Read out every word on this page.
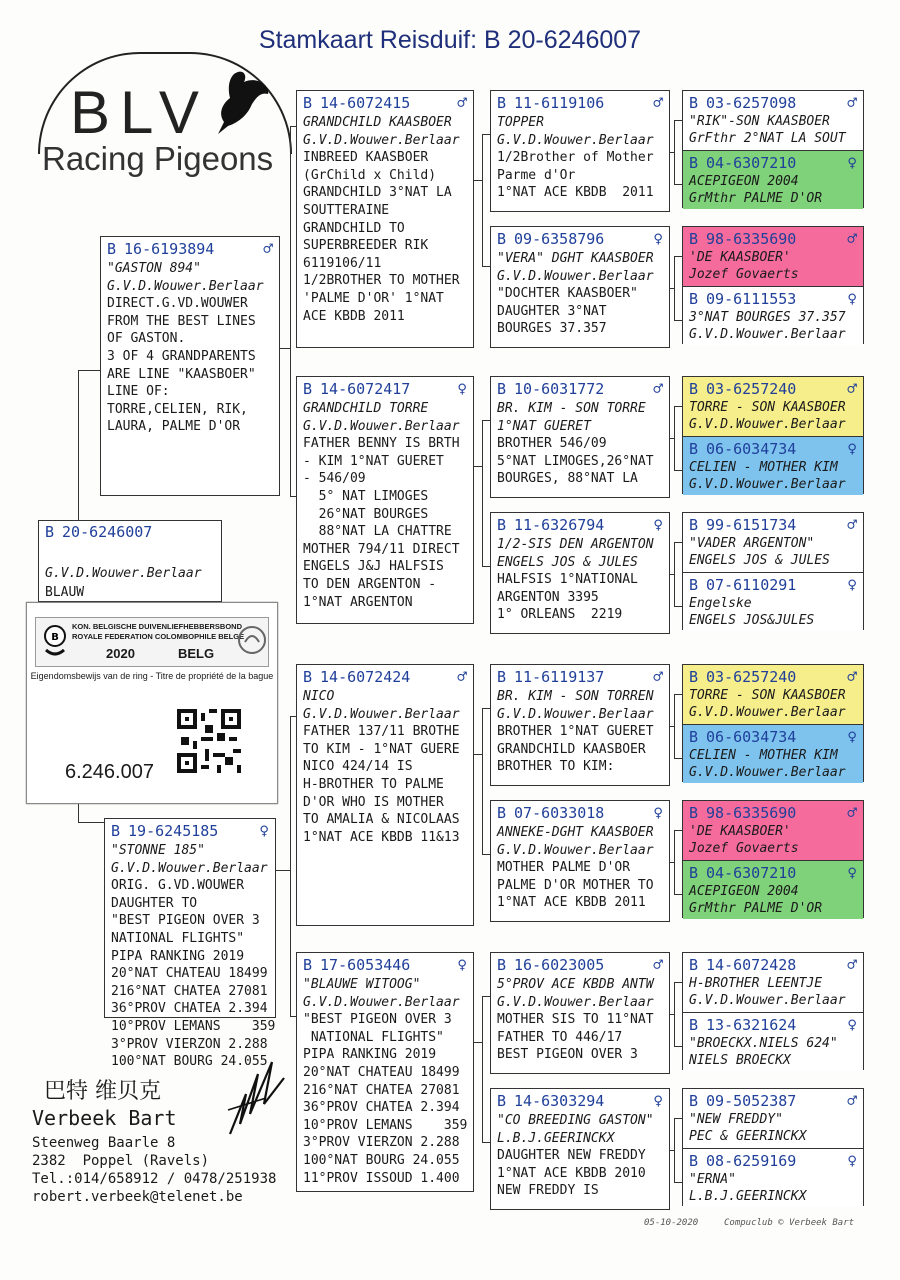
Stamkaart Reisduif: B 20-6246007
BLV
Racing Pigeons
B 16-6193894	♂
"GASTON 894"
G.V.D.Wouwer.Berlaar
DIRECT.G.VD.WOUWER
FROM THE BEST LINES
OF GASTON.
3 OF 4 GRANDPARENTS
ARE LINE "KAASBOER"
LINE OF:
TORRE,CELIEN, RIK,
LAURA, PALME D'OR
B 19-6245185	♀
"STONNE 185"
G.V.D.Wouwer.Berlaar
ORIG. G.VD.WOUWER
DAUGHTER TO
"BEST PIGEON OVER 3
NATIONAL FLIGHTS"
PIPA RANKING 2019
20°NAT CHATEAU 18499
216°NAT CHATEA 27081
36°PROV CHATEA 2.394
10°PROV LEMANS    359
3°PROV VIERZON 2.288
100°NAT BOURG 24.055
B 14-6072415	♂
GRANDCHILD KAASBOER
G.V.D.Wouwer.Berlaar
INBREED KAASBOER
(GrChild x Child)
GRANDCHILD 3°NAT LA
SOUTTERAINE
GRANDCHILD TO
SUPERBREEDER RIK
6119106/11
1/2BROTHER TO MOTHER
'PALME D'OR' 1°NAT
ACE KBDB 2011
B 14-6072417	♀
GRANDCHILD TORRE
G.V.D.Wouwer.Berlaar
FATHER BENNY IS BRTH
- KIM 1°NAT GUERET
- 546/09
5° NAT LIMOGES
26°NAT BOURGES
88°NAT LA CHATTRE
MOTHER 794/11 DIRECT
ENGELS J&J HALFSIS
TO DEN ARGENTON -
1°NAT ARGENTON
B 14-6072424	♂
NICO
G.V.D.Wouwer.Berlaar
FATHER 137/11 BROTHE
TO KIM - 1°NAT GUERE
NICO 424/14 IS
H-BROTHER TO PALME
D'OR WHO IS MOTHER
TO AMALIA & NICOLAAS
1°NAT ACE KBDB 11&13
B 17-6053446	♀
"BLAUWE WITOOG"
G.V.D.Wouwer.Berlaar
"BEST PIGEON OVER 3
NATIONAL FLIGHTS"
PIPA RANKING 2019
20°NAT CHATEAU 18499
216°NAT CHATEA 27081
36°PROV CHATEA 2.394
10°PROV LEMANS    359
3°PROV VIERZON 2.288
100°NAT BOURG 24.055
11°PROV ISSOUD 1.400
B 11-6119106	♂
TOPPER
G.V.D.Wouwer.Berlaar
1/2Brother of Mother
Parme d'Or
1°NAT ACE KBDB  2011
B 09-6358796	♀
"VERA" DGHT KAASBOER
G.V.D.Wouwer.Berlaar
"DOCHTER KAASBOER"
DAUGHTER 3°NAT
BOURGES 37.357
B 10-6031772	♂
BR. KIM - SON TORRE
1°NAT GUERET
BROTHER 546/09
5°NAT LIMOGES,26°NAT
BOURGES, 88°NAT LA
B 11-6326794	♀
1/2-SIS DEN ARGENTON
ENGELS JOS & JULES
HALFSIS 1°NATIONAL
ARGENTON 3395
1° ORLEANS  2219
B 11-6119137	♂
BR. KIM - SON TORREN
G.V.D.Wouwer.Berlaar
BROTHER 1°NAT GUERET
GRANDCHILD KAASBOER
BROTHER TO KIM:
B 07-6033018	♀
ANNEKE-DGHT KAASBOER
G.V.D.Wouwer.Berlaar
MOTHER PALME D'OR
PALME D'OR MOTHER TO
1°NAT ACE KBDB 2011
B 16-6023005	♂
5°PROV ACE KBDB ANTW
G.V.D.Wouwer.Berlaar
MOTHER SIS TO 11°NAT
FATHER TO 446/17
BEST PIGEON OVER 3
B 14-6303294	♀
"CO BREEDING GASTON"
L.B.J.GEERINCKX
DAUGHTER NEW FREDDY
1°NAT ACE KBDB 2010
NEW FREDDY IS
B 03-6257098	♂
"RIK"-SON KAASBOER
GrFthr 2°NAT LA SOUT
B 04-6307210	♀
ACEPIGEON 2004
GrMthr PALME D'OR
B 98-6335690	♂
'DE KAASBOER'
Jozef Govaerts
B 09-6111553	♀
3°NAT BOURGES 37.357
G.V.D.Wouwer.Berlaar
B 03-6257240	♂
TORRE - SON KAASBOER
G.V.D.Wouwer.Berlaar
B 06-6034734	♀
CELIEN - MOTHER KIM
G.V.D.Wouwer.Berlaar
B 99-6151734	♂
"VADER ARGENTON"
ENGELS JOS & JULES
B 07-6110291	♀
Engelske
ENGELS JOS&JULES
B 03-6257240	♂
TORRE - SON KAASBOER
G.V.D.Wouwer.Berlaar
B 06-6034734	♀
CELIEN - MOTHER KIM
G.V.D.Wouwer.Berlaar
B 98-6335690	♂
'DE KAASBOER'
Jozef Govaerts
B 04-6307210	♀
ACEPIGEON 2004
GrMthr PALME D'OR
B 14-6072428	♂
H-BROTHER LEENTJE
G.V.D.Wouwer.Berlaar
B 13-6321624	♀
"BROECKX.NIELS 624"
NIELS BROECKX
B 09-5052387	♂
"NEW FREDDY"
PEC & GEERINCKX
B 08-6259169	♀
"ERNA"
L.B.J.GEERINCKX
B 20-6246007
G.V.D.Wouwer.Berlaar
BLAUW
B
KON. BELGISCHE DUIVENLIEFHEBBERSBOND
ROYALE FEDERATION COLOMBOPHILE BELGE
2020	BELG
Eigendomsbewijs van de ring - Titre de propriété de la bague
6.246.007
巴特 维贝克
Verbeek Bart
Steenweg Baarle 8
2382  Poppel (Ravels)
Tel.:014/658912 / 0478/251938
robert.verbeek@telenet.be
05-10-2020	Compuclub © Verbeek Bart
